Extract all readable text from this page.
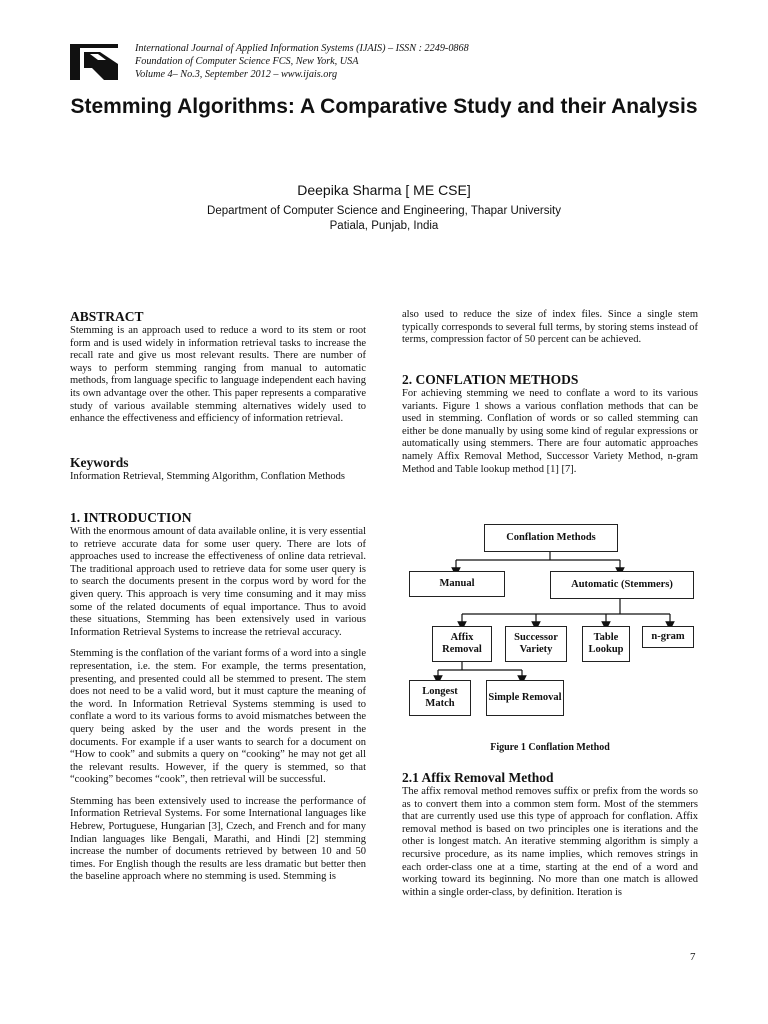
International Journal of Applied Information Systems (IJAIS) – ISSN : 2249-0868
Foundation of Computer Science FCS, New York, USA
Volume 4– No.3, September 2012 – www.ijais.org
Stemming Algorithms: A Comparative Study and their Analysis
Deepika Sharma [ ME CSE]
Department of Computer Science and Engineering, Thapar University
Patiala, Punjab, India
ABSTRACT

Stemming is an approach used to reduce a word to its stem or root form and is used widely in information retrieval tasks to increase the recall rate and give us most relevant results. There are number of ways to perform stemming ranging from manual to automatic methods, from language specific to language independent each having its own advantage over the other. This paper represents a comparative study of various available stemming alternatives widely used to enhance the effectiveness and efficiency of information retrieval.

Keywords

Information Retrieval, Stemming Algorithm, Conflation Methods

1. INTRODUCTION

With the enormous amount of data available online, it is very essential to retrieve accurate data for some user query. There are lots of approaches used to increase the effectiveness of online data retrieval. The traditional approach used to retrieve data for some user query is to search the documents present in the corpus word by word for the given query. This approach is very time consuming and it may miss some of the related documents of equal importance. Thus to avoid these situations, Stemming has been extensively used in various Information Retrieval Systems to increase the retrieval accuracy.

Stemming is the conflation of the variant forms of a word into a single representation, i.e. the stem. For example, the terms presentation, presenting, and presented could all be stemmed to present. The stem does not need to be a valid word, but it must capture the meaning of the word. In Information Retrieval Systems stemming is used to conflate a word to its various forms to avoid mismatches between the query being asked by the user and the words present in the documents. For example if a user wants to search for a document on “How to cook” and submits a query on “cooking” he may not get all the relevant results. However, if the query is stemmed, so that “cooking” becomes “cook”, then retrieval will be successful.

Stemming has been extensively used to increase the performance of Information Retrieval Systems. For some International languages like Hebrew, Portuguese, Hungarian [3], Czech, and French and for many Indian languages like Bengali, Marathi, and Hindi [2] stemming increase the number of documents retrieved by between 10 and 50 times. For English though the results are less dramatic but better then the baseline approach where no stemming is used. Stemming is

also used to reduce the size of index files. Since a single stem typically corresponds to several full terms, by storing stems instead of terms, compression factor of 50 percent can be achieved.

2. CONFLATION METHODS

For achieving stemming we need to conflate a word to its various variants. Figure 1 shows a various conflation methods that can be used in stemming. Conflation of words or so called stemming can either be done manually by using some kind of regular expressions or automatically using stemmers. There are four automatic approaches namely Affix Removal Method, Successor Variety Method, n-gram Method and Table lookup method [1] [7].

Conflation Methods
Manual	Automatic (Stemmers)
Affix Removal
Successor Variety
Table Lookup
n-gram
Longest Match
Simple Removal
Figure 1 Conflation Method
2.1 Affix Removal Method

The affix removal method removes suffix or prefix from the words so as to convert them into a common stem form. Most of the stemmers that are currently used use this type of approach for conflation. Affix removal method is based on two principles one is iterations and the other is longest match. An iterative stemming algorithm is simply a recursive procedure, as its name implies, which removes strings in each order-class one at a time, starting at the end of a word and working toward its beginning. No more than one match is allowed within a single order-class, by definition. Iteration is

7
